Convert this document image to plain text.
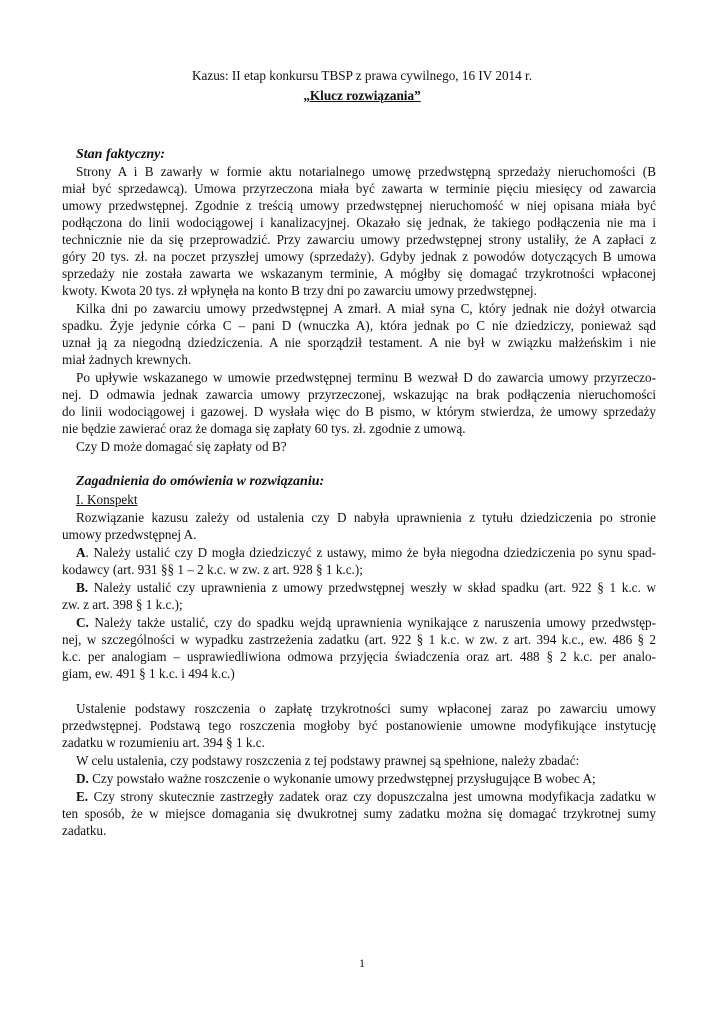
Kazus: II etap konkursu TBSP z prawa cywilnego, 16 IV 2014 r.
„Klucz rozwiązania”
Stan faktyczny:
Strony A i B zawarły w formie aktu notarialnego umowę przedwstępną sprzedaży nieruchomości (B
miał być sprzedawcą). Umowa przyrzeczona miała być zawarta w terminie pięciu miesięcy od zawarcia
umowy przedwstępnej. Zgodnie z treścią umowy przedwstępnej nieruchomość w niej opisana miała być
podłączona do linii wodociągowej i kanalizacyjnej. Okazało się jednak, że takiego podłączenia nie ma i
technicznie nie da się przeprowadzić. Przy zawarciu umowy przedwstępnej strony ustaliły, że A zapłaci z
góry 20 tys. zł. na poczet przyszłej umowy (sprzedaży). Gdyby jednak z powodów dotyczących B umowa
sprzedaży nie została zawarta we wskazanym terminie, A mógłby się domagać trzykrotności wpłaconej
kwoty. Kwota 20 tys. zł wpłynęła na konto B trzy dni po zawarciu umowy przedwstępnej.
Kilka dni po zawarciu umowy przedwstępnej A zmarł. A miał syna C, który jednak nie dożył otwarcia
spadku. Żyje jedynie córka C – pani D (wnuczka A), która jednak po C nie dziedziczy, ponieważ sąd
uznał ją za niegodną dziedziczenia. A nie sporządził testament. A nie był w związku małżeńskim i nie
miał żadnych krewnych.
Po upływie wskazanego w umowie przedwstępnej terminu B wezwał D do zawarcia umowy przyrzeczo-
nej. D odmawia jednak zawarcia umowy przyrzeczonej, wskazując na brak podłączenia nieruchomości
do linii wodociągowej i gazowej. D wysłała więc do B pismo, w którym stwierdza, że umowy sprzedaży
nie będzie zawierać oraz że domaga się zapłaty 60 tys. zł. zgodnie z umową.
Czy D może domagać się zapłaty od B?
Zagadnienia do omówienia w rozwiązaniu:
I. Konspekt
Rozwiązanie kazusu zależy od ustalenia czy D nabyła uprawnienia z tytułu dziedziczenia po stronie
umowy przedwstępnej A.
A. Należy ustalić czy D mogła dziedziczyć z ustawy, mimo że była niegodna dziedziczenia po synu spad-
kodawcy (art. 931 §§ 1 – 2 k.c. w zw. z art. 928 § 1 k.c.);
B. Należy ustalić czy uprawnienia z umowy przedwstępnej weszły w skład spadku (art. 922 § 1 k.c. w
zw. z art. 398 § 1 k.c.);
C. Należy także ustalić, czy do spadku wejdą uprawnienia wynikające z naruszenia umowy przedwstęp-
nej, w szczególności w wypadku zastrzeżenia zadatku (art. 922 § 1 k.c. w zw. z art. 394 k.c., ew. 486 § 2
k.c. per analogiam – usprawiedliwiona odmowa przyjęcia świadczenia oraz art. 488 § 2 k.c. per analo-
giam, ew. 491 § 1 k.c. i 494 k.c.)
Ustalenie podstawy roszczenia o zapłatę trzykrotności sumy wpłaconej zaraz po zawarciu umowy
przedwstępnej. Podstawą tego roszczenia mogłoby być postanowienie umowne modyfikujące instytucję
zadatku w rozumieniu art. 394 § 1 k.c.
W celu ustalenia, czy podstawy roszczenia z tej podstawy prawnej są spełnione, należy zbadać:
D. Czy powstało ważne roszczenie o wykonanie umowy przedwstępnej przysługujące B wobec A;
E. Czy strony skutecznie zastrzegły zadatek oraz czy dopuszczalna jest umowna modyfikacja zadatku w
ten sposób, że w miejsce domagania się dwukrotnej sumy zadatku można się domagać trzykrotnej sumy
zadatku.
1
